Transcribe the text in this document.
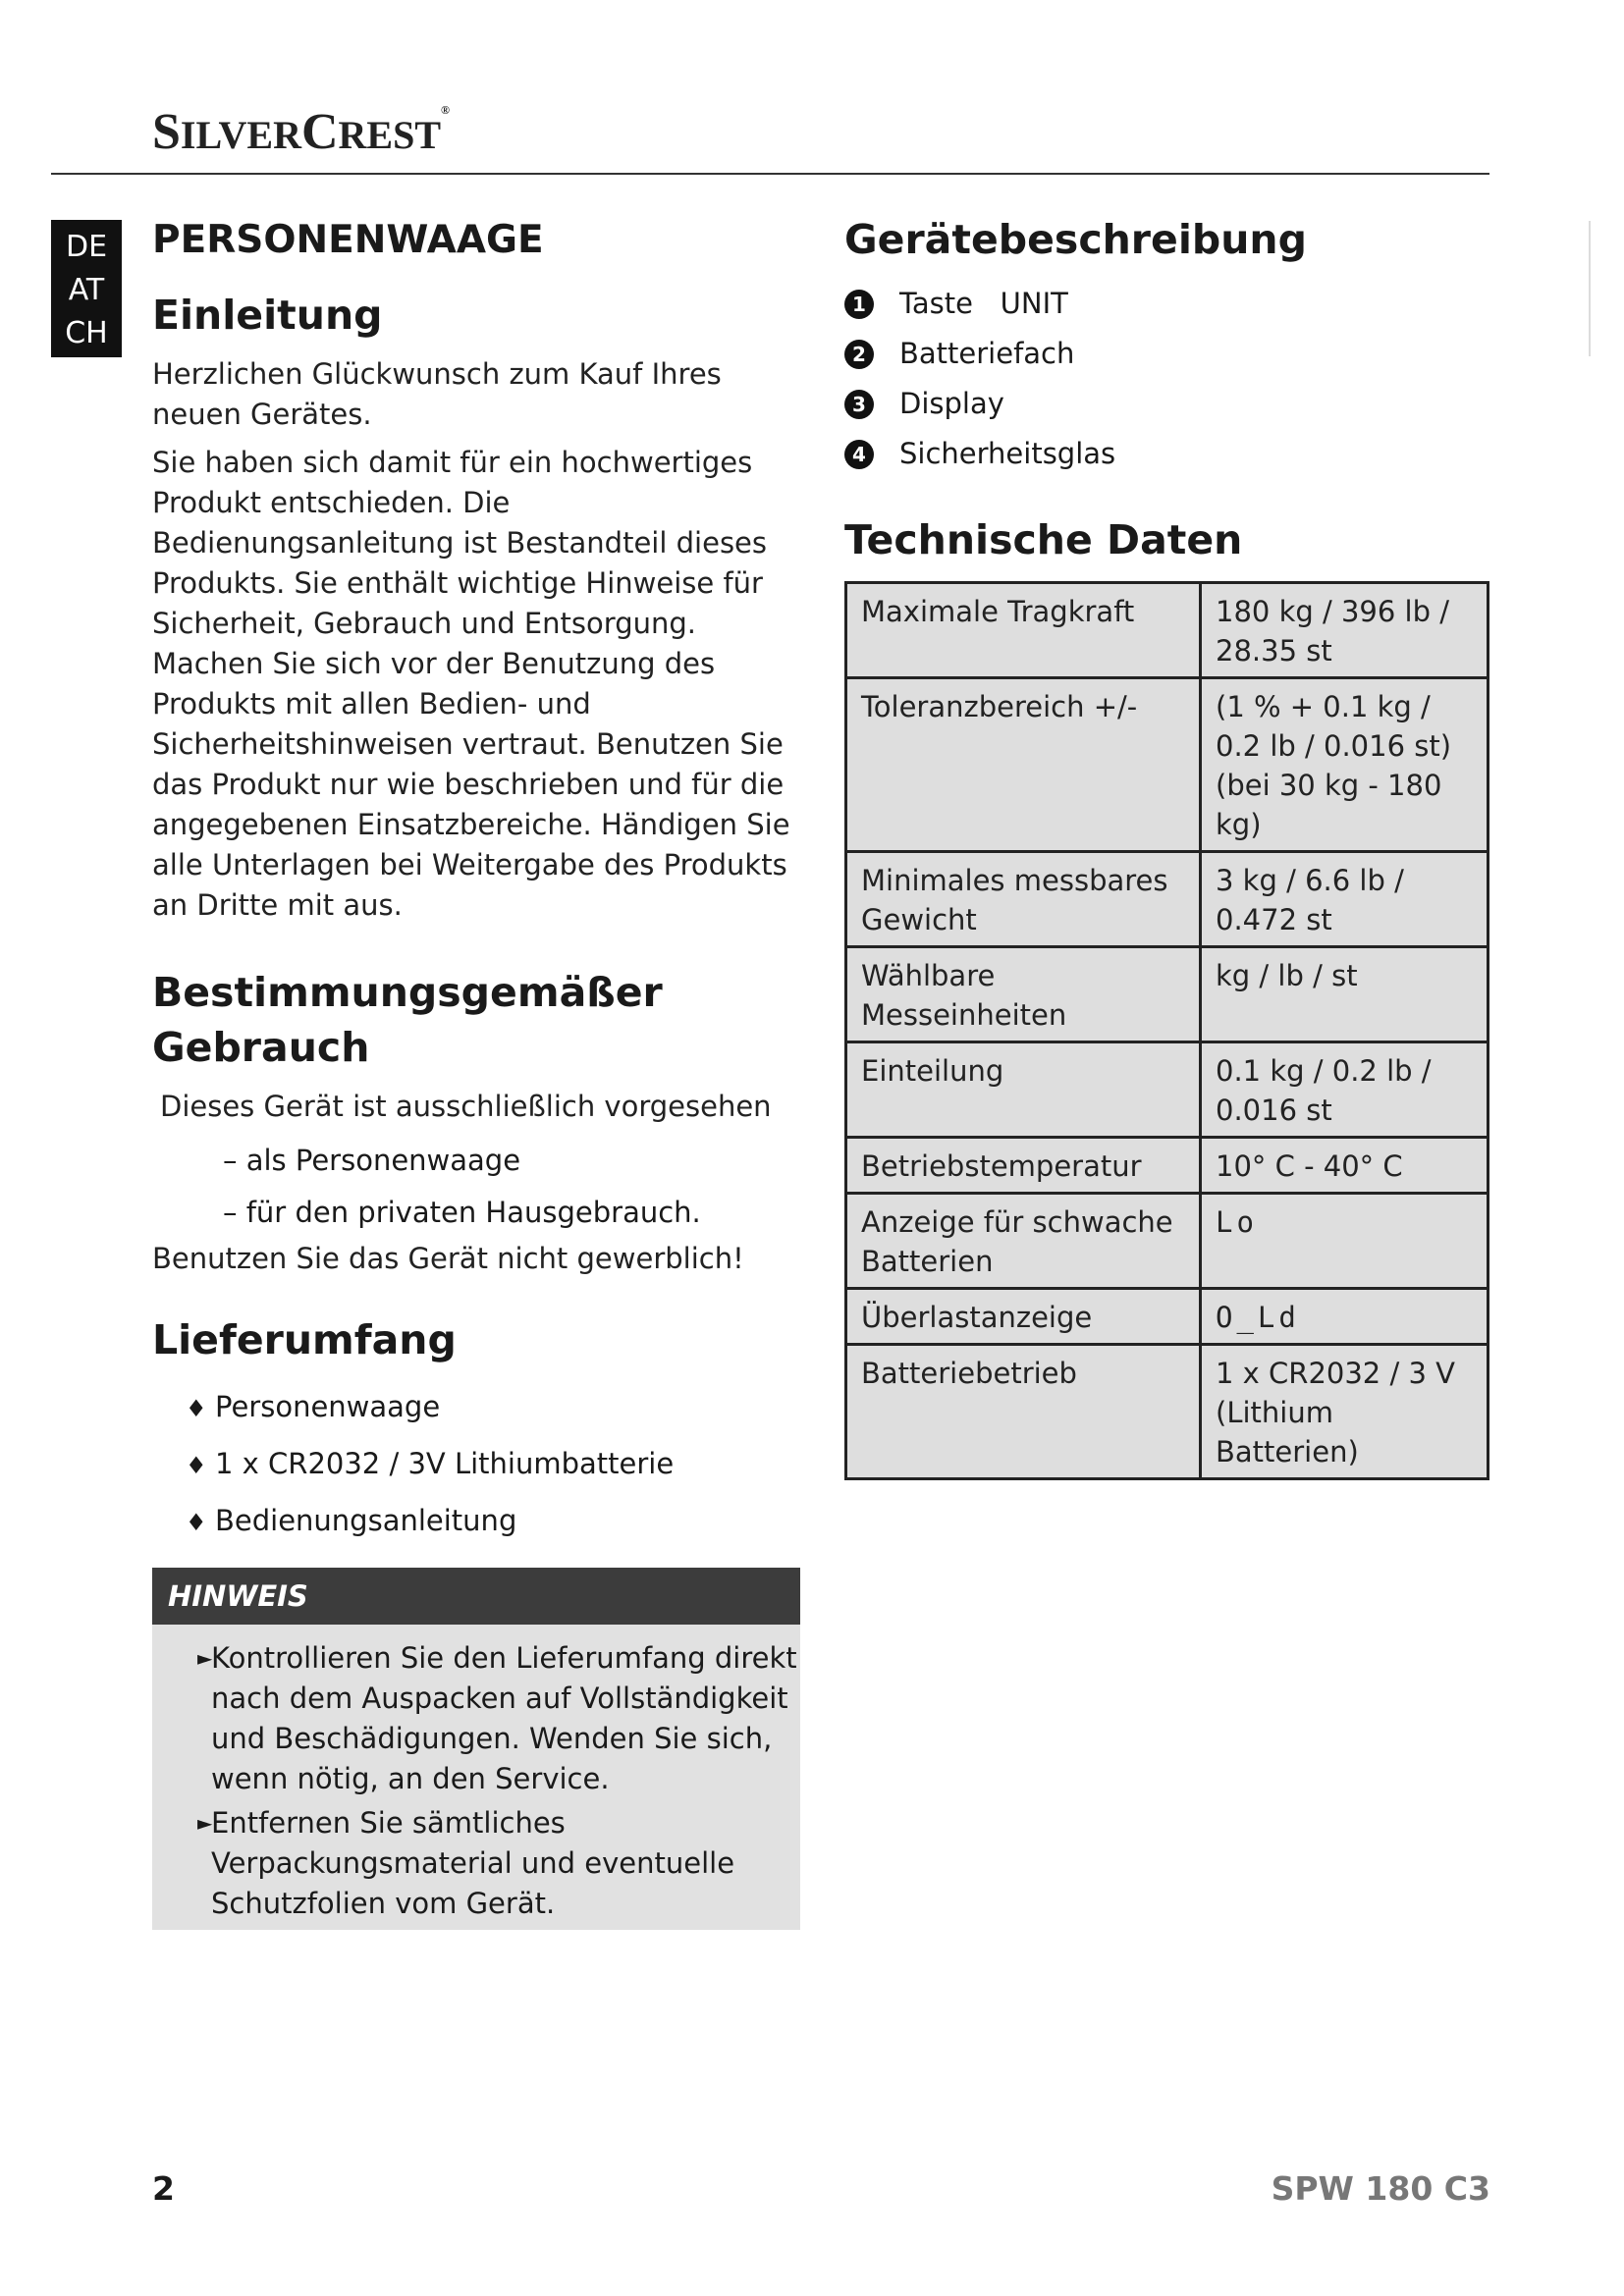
SILVERCREST®
DE
AT
CH
PERSONENWAAGE
Einleitung

Herzlichen Glückwunsch zum Kauf Ihres neuen Gerätes.

Sie haben sich damit für ein hochwertiges Produkt entschieden. Die Bedienungsanleitung ist Bestandteil dieses Produkts. Sie enthält wichtige Hinweise für Sicherheit, Gebrauch und Entsorgung. Machen Sie sich vor der Benutzung des Produkts mit allen Bedien- und Sicherheitshinweisen vertraut. Benutzen Sie das Produkt nur wie beschrieben und für die angegebenen Einsatzbereiche. Händigen Sie alle Unterlagen bei Weitergabe des Produkts an Dritte mit aus.

Bestimmungsgemäßer Gebrauch

Dieses Gerät ist ausschließlich vorgesehen

– als Personenwaage
– für den privaten Hausgebrauch.

Benutzen Sie das Gerät nicht gewerblich!

Lieferumfang
♦ Personenwaage
♦ 1 x CR2032 / 3V Lithiumbatterie
♦ Bedienungsanleitung
HINWEIS
►
Kontrollieren Sie den Lieferumfang direkt nach dem Auspacken auf Vollständigkeit und Beschädigungen. Wenden Sie sich, wenn nötig, an den Service.
►
Entfernen Sie sämtliches Verpackungsmaterial und eventuelle Schutzfolien vom Gerät.
Gerätebeschreibung
1 Taste   UNIT
2 Batteriefach
3 Display
4 Sicherheitsglas
Technische Daten
Maximale Tragkraft	180 kg / 396 lb / 28.35 st
Toleranzbereich +/-	(1 % + 0.1 kg / 0.2 lb / 0.016 st) (bei 30 kg - 180 kg)
Minimales messbares Gewicht	3 kg / 6.6 lb / 0.472 st
Wählbare Messeinheiten	kg / lb / st
Einteilung	0.1 kg / 0.2 lb / 0.016 st
Betriebstemperatur	10° C - 40° C
Anzeige für schwache Batterien	Lo
Überlastanzeige	O_Ld
Batteriebetrieb	1 x CR2032 / 3 V (Lithium Batterien)
2	SPW 180 C3
